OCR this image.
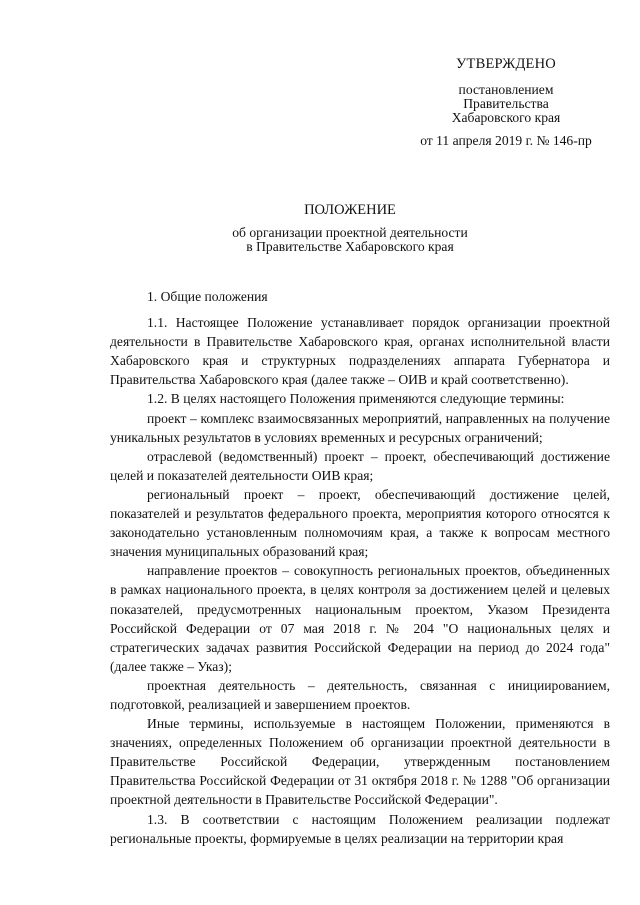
УТВЕРЖДЕНО
постановлением
Правительства
Хабаровского края
от 11 апреля 2019 г. № 146-пр
ПОЛОЖЕНИЕ
об организации проектной деятельности
в Правительстве Хабаровского края

1. Общие положения

1.1. Настоящее Положение устанавливает порядок организации проектной деятельности в Правительстве Хабаровского края, органах исполнительной власти Хабаровского края и структурных подразделениях аппарата Губернатора и Правительства Хабаровского края (далее также – ОИВ и край соответственно).

1.2. В целях настоящего Положения применяются следующие термины:

проект – комплекс взаимосвязанных мероприятий, направленных на получение уникальных результатов в условиях временных и ресурсных ограничений;

отраслевой (ведомственный) проект – проект, обеспечивающий достижение целей и показателей деятельности ОИВ края;

региональный проект – проект, обеспечивающий достижение целей, показателей и результатов федерального проекта, мероприятия которого относятся к законодательно установленным полномочиям края, а также к вопросам местного значения муниципальных образований края;

направление проектов – совокупность региональных проектов, объединенных в рамках национального проекта, в целях контроля за достижением целей и целевых показателей, предусмотренных национальным проектом, Указом Президента Российской Федерации от 07 мая 2018 г. № 204 "О национальных целях и стратегических задачах развития Российской Федерации на период до 2024 года" (далее также – Указ);

проектная деятельность – деятельность, связанная с инициированием, подготовкой, реализацией и завершением проектов.

Иные термины, используемые в настоящем Положении, применяются в значениях, определенных Положением об организации проектной деятельности в Правительстве Российской Федерации, утвержденным постановлением Правительства Российской Федерации от 31 октября 2018 г. № 1288 "Об организации проектной деятельности в Правительстве Российской Федерации".

1.3. В соответствии с настоящим Положением реализации подлежат региональные проекты, формируемые в целях реализации на территории края
